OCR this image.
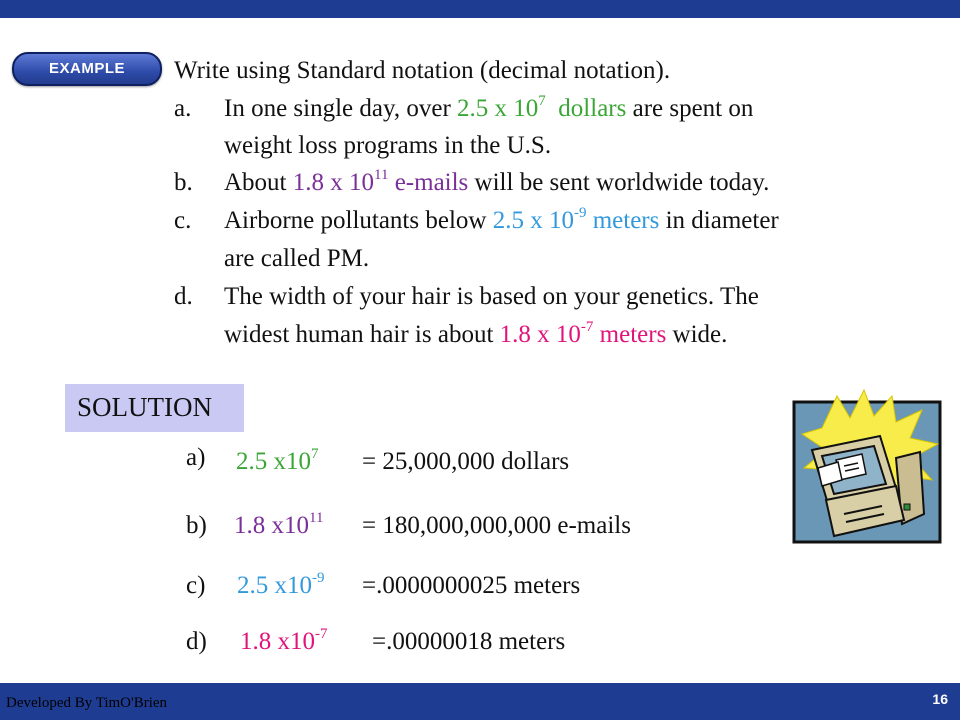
EXAMPLE	Write using Standard notation (decimal notation).
a. In one single day, over 2.5 x $10^7$ dollars are spent on
weight loss programs in the U.S.
b. About 1.8 x $10^{11}$ e-mails will be sent worldwide today.
c. Airborne pollutants below 2.5 x $10^{-9}$ meters in diameter
are called PM.
d. The width of your hair is based on your genetics. The
widest human hair is about 1.8 x $10^{-7}$ meters wide.
SOLUTION
a) 2.5 $x10^7 = 25,000,000$ dollars
b) 1.8 $x10^{11} = 180,000,000,000$ e-mails
c) 2.5 $x10^{-9} =.0000000025$ meters
d) 1.8 $x10^{-7} =.00000018$ meters
Developed By TimO'Brien	16
